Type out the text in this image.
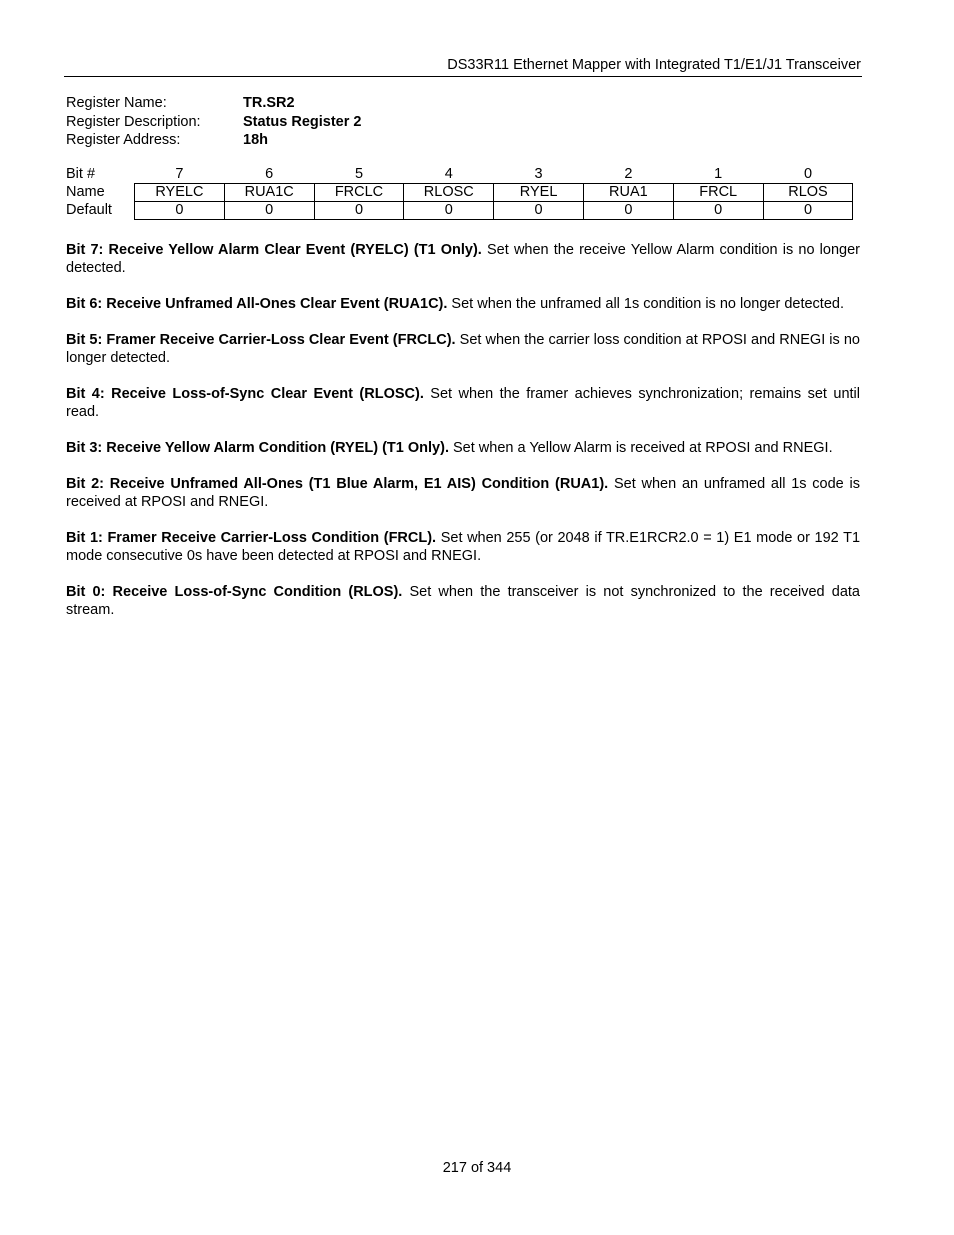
DS33R11 Ethernet Mapper with Integrated T1/E1/J1 Transceiver
Register Name:	TR.SR2
Register Description:	Status Register 2
Register Address:	18h
Bit #	7	6	5	4	3	2	1	0
Name	RYELC	RUA1C	FRCLC	RLOSC	RYEL	RUA1	FRCL	RLOS
Default	0	0	0	0	0	0	0	0

Bit 7: Receive Yellow Alarm Clear Event (RYELC) (T1 Only). Set when the receive Yellow Alarm condition is no longer detected.

Bit 6: Receive Unframed All-Ones Clear Event (RUA1C). Set when the unframed all 1s condition is no longer detected.

Bit 5: Framer Receive Carrier-Loss Clear Event (FRCLC). Set when the carrier loss condition at RPOSI and RNEGI is no longer detected.

Bit 4: Receive Loss-of-Sync Clear Event (RLOSC). Set when the framer achieves synchronization; remains set until read.

Bit 3: Receive Yellow Alarm Condition (RYEL) (T1 Only). Set when a Yellow Alarm is received at RPOSI and RNEGI.

Bit 2: Receive Unframed All-Ones (T1 Blue Alarm, E1 AIS) Condition (RUA1). Set when an unframed all 1s code is received at RPOSI and RNEGI.

Bit 1: Framer Receive Carrier-Loss Condition (FRCL). Set when 255 (or 2048 if TR.E1RCR2.0 = 1) E1 mode or 192 T1 mode consecutive 0s have been detected at RPOSI and RNEGI.

Bit 0: Receive Loss-of-Sync Condition (RLOS). Set when the transceiver is not synchronized to the received data stream.

217 of 344
